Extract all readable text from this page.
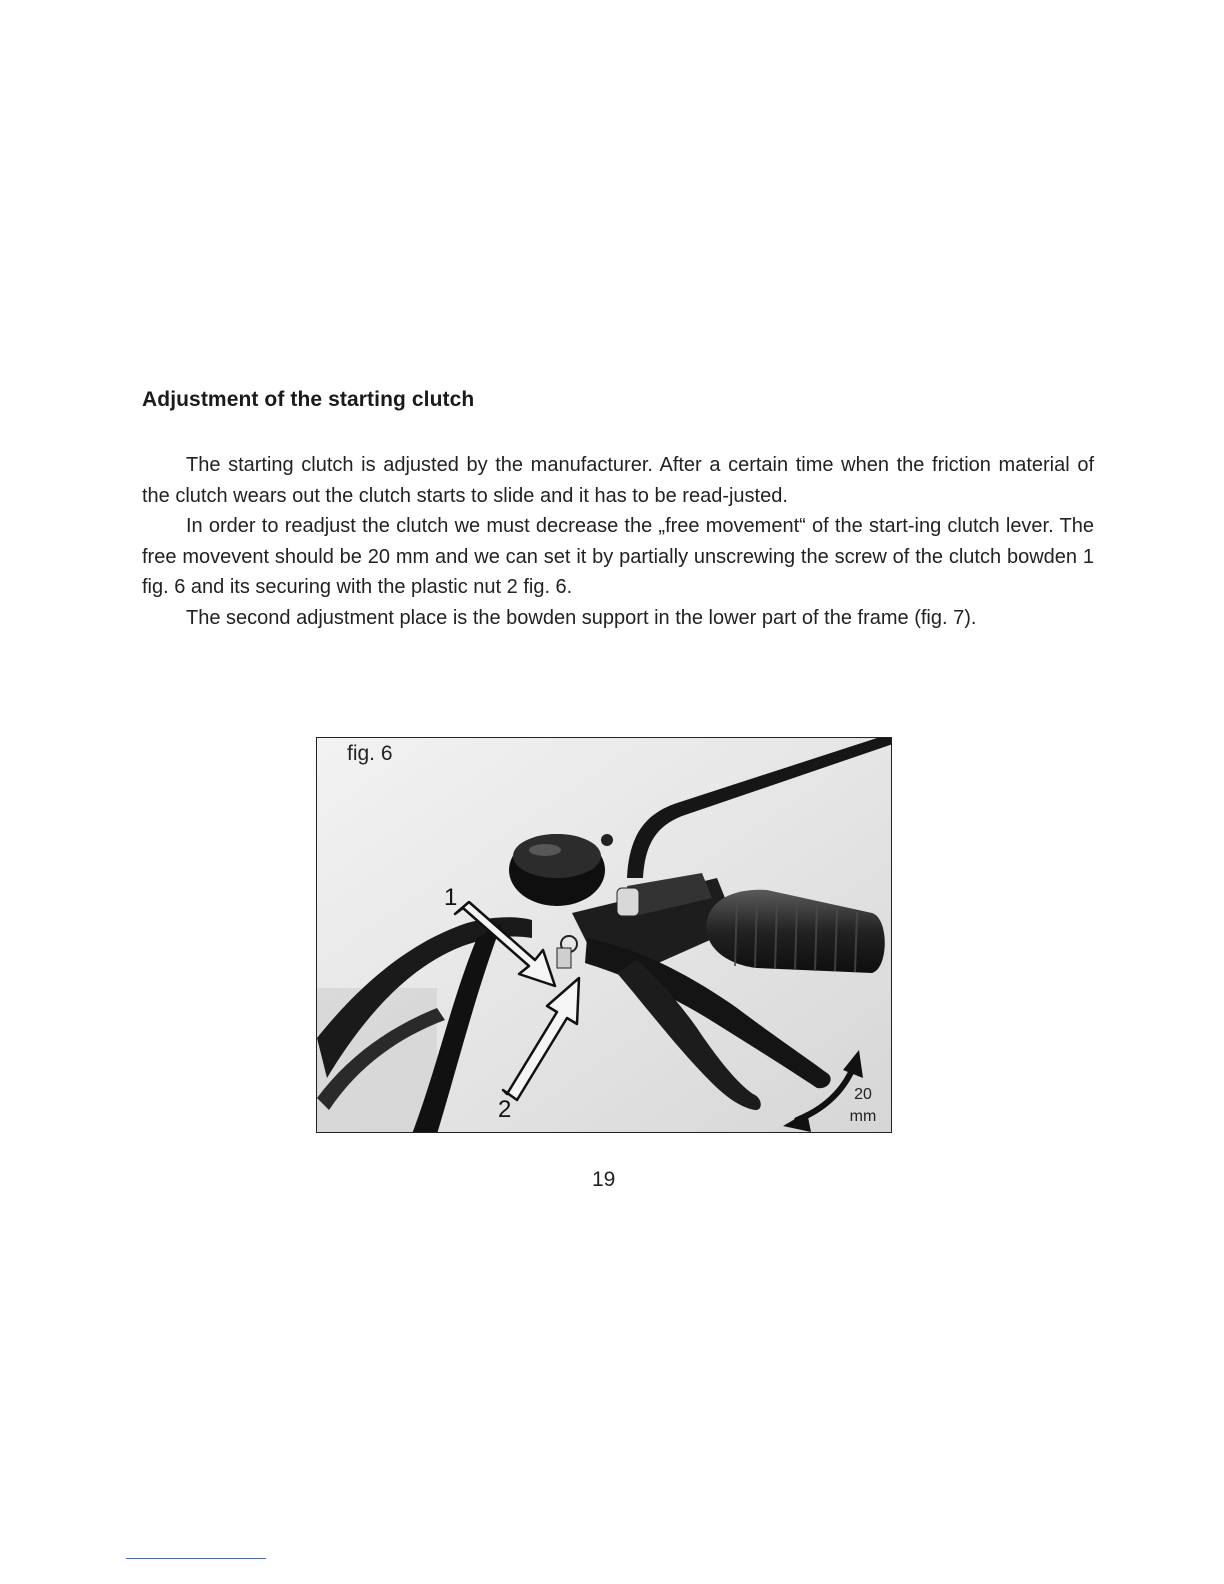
Adjustment of the starting clutch

The starting clutch is adjusted by the manufacturer. After a certain time when the friction material of the clutch wears out the clutch starts to slide and it has to be read-justed.

In order to readjust the clutch we must decrease the „free movement“ of the start-ing clutch lever. The free movevent should be 20 mm and we can set it by partially unscrewing the screw of the clutch bowden 1 fig. 6 and its securing with the plastic nut 2 fig. 6.

The second adjustment place is the bowden support in the lower part of the frame (fig. 7).

fig. 6
1
2
20
mm
19
